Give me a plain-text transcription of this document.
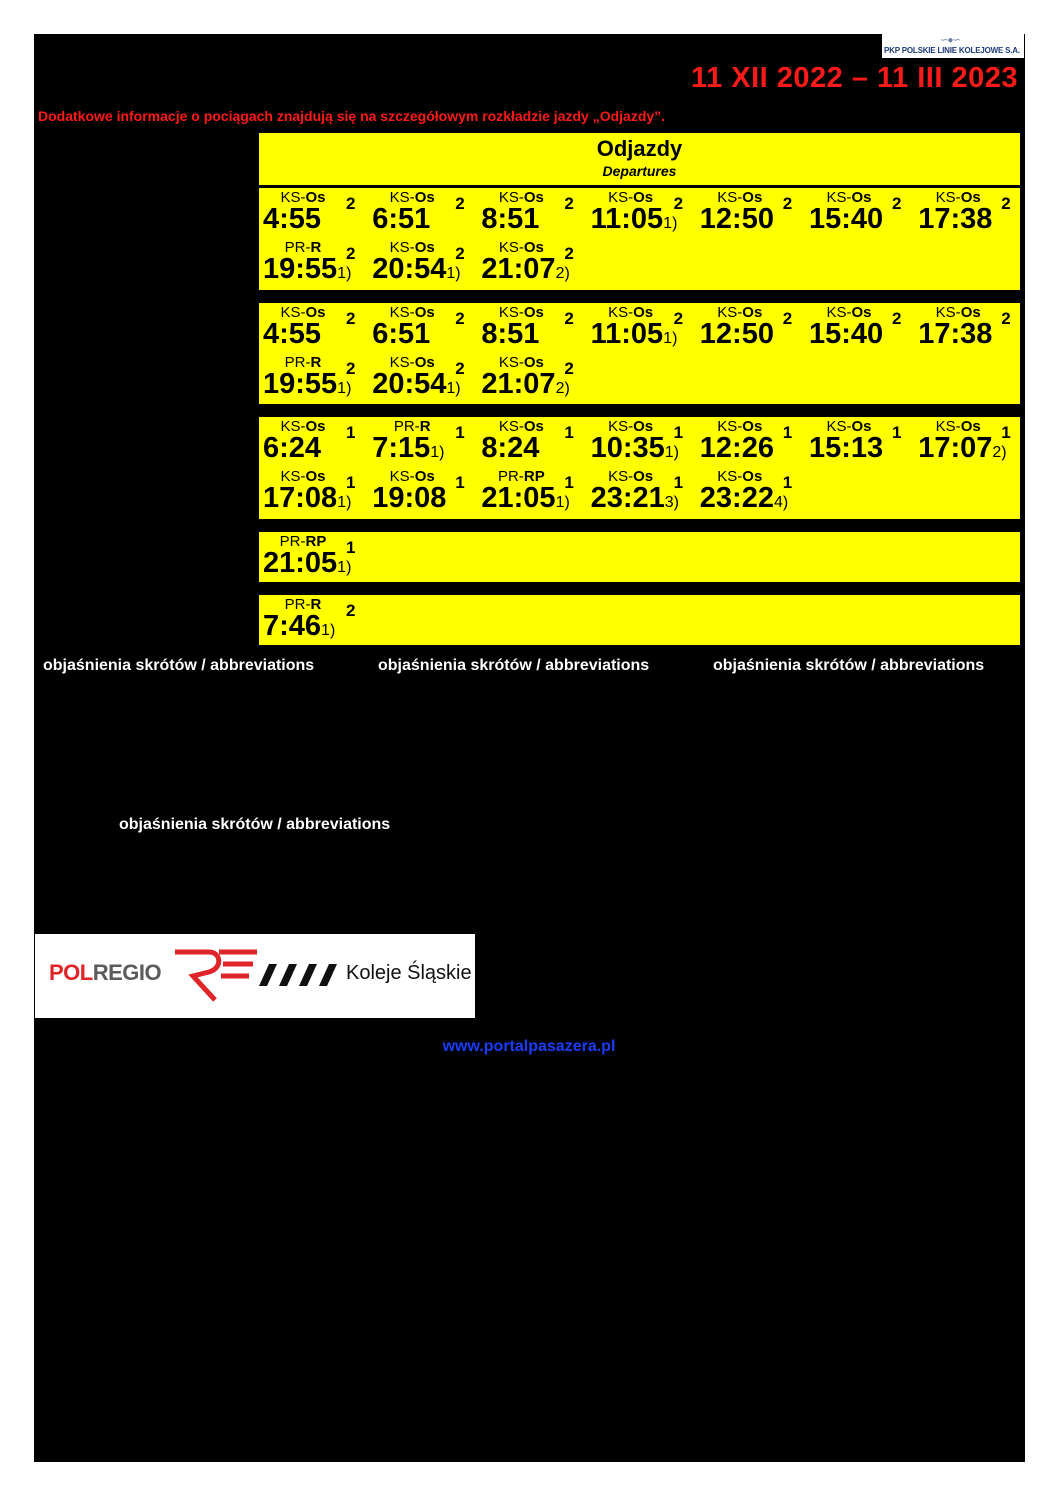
∽●∽
PKP POLSKIE LINIE KOLEJOWE S.A.
11 XII 2022 – 11 III 2023
Dodatkowe informacje o pociągach znajdują się na szczegółowym rozkładzie jazdy „Odjazdy”.
Odjazdy
Departures
KS-Os	2
4:55
KS-Os	2
6:51
KS-Os	2
8:51
KS-Os	2
11:051)
KS-Os	2
12:50
KS-Os	2
15:40
KS-Os	2
17:38
PR-R	2
19:551)
KS-Os	2
20:541)
KS-Os	2
21:072)
KS-Os	2
4:55
KS-Os	2
6:51
KS-Os	2
8:51
KS-Os	2
11:051)
KS-Os	2
12:50
KS-Os	2
15:40
KS-Os	2
17:38
PR-R	2
19:551)
KS-Os	2
20:541)
KS-Os	2
21:072)
KS-Os	1
6:24
PR-R	1
7:151)
KS-Os	1
8:24
KS-Os	1
10:351)
KS-Os	1
12:26
KS-Os	1
15:13
KS-Os	1
17:072)
KS-Os	1
17:081)
KS-Os	1
19:08
PR-RP	1
21:051)
KS-Os	1
23:213)
KS-Os	1
23:224)
PR-RP	1
21:051)
PR-R	2
7:461)
objaśnienia skrótów / abbreviations	objaśnienia skrótów / abbreviations	objaśnienia skrótów / abbreviations
objaśnienia skrótów / abbreviations
POLREGIO	Koleje Śląskie
www.portalpasazera.pl
